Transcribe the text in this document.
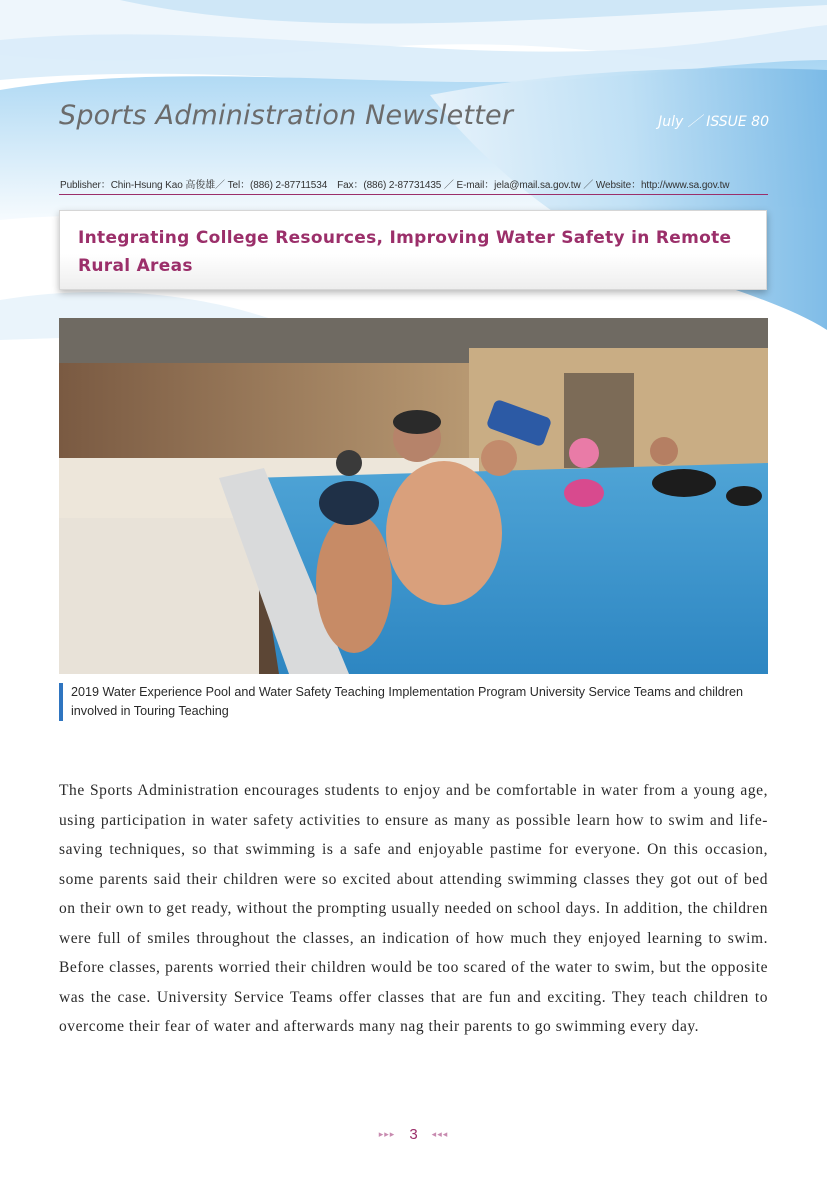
Sports Administration Newsletter	July ／ ISSUE 80
Publisher：Chin-Hsung Kao 高俊雄／ Tel：(886) 2-87711534　Fax：(886) 2-87731435 ／ E-mail：jela@mail.sa.gov.tw ／ Website：http://www.sa.gov.tw
Integrating College Resources, Improving Water Safety in Remote Rural Areas
2019 Water Experience Pool and Water Safety Teaching Implementation Program University Service Teams and children involved in Touring Teaching

The Sports Administration encourages students to enjoy and be comfortable in water from a young age, using participation in water safety activities to ensure as many as possible learn how to swim and life-saving techniques, so that swimming is a safe and enjoyable pastime for everyone. On this occasion, some parents said their children were so excited about attending swimming classes they got out of bed on their own to get ready, without the prompting usually needed on school days. In addition, the children were full of smiles throughout the classes, an indication of how much they enjoyed learning to swim. Before classes, parents worried their children would be too scared of the water to swim, but the opposite was the case. University Service Teams offer classes that are fun and exciting. They teach children to overcome their fear of water and afterwards many nag their parents to go swimming every day.

▸▸▸ 3 ◂◂◂
